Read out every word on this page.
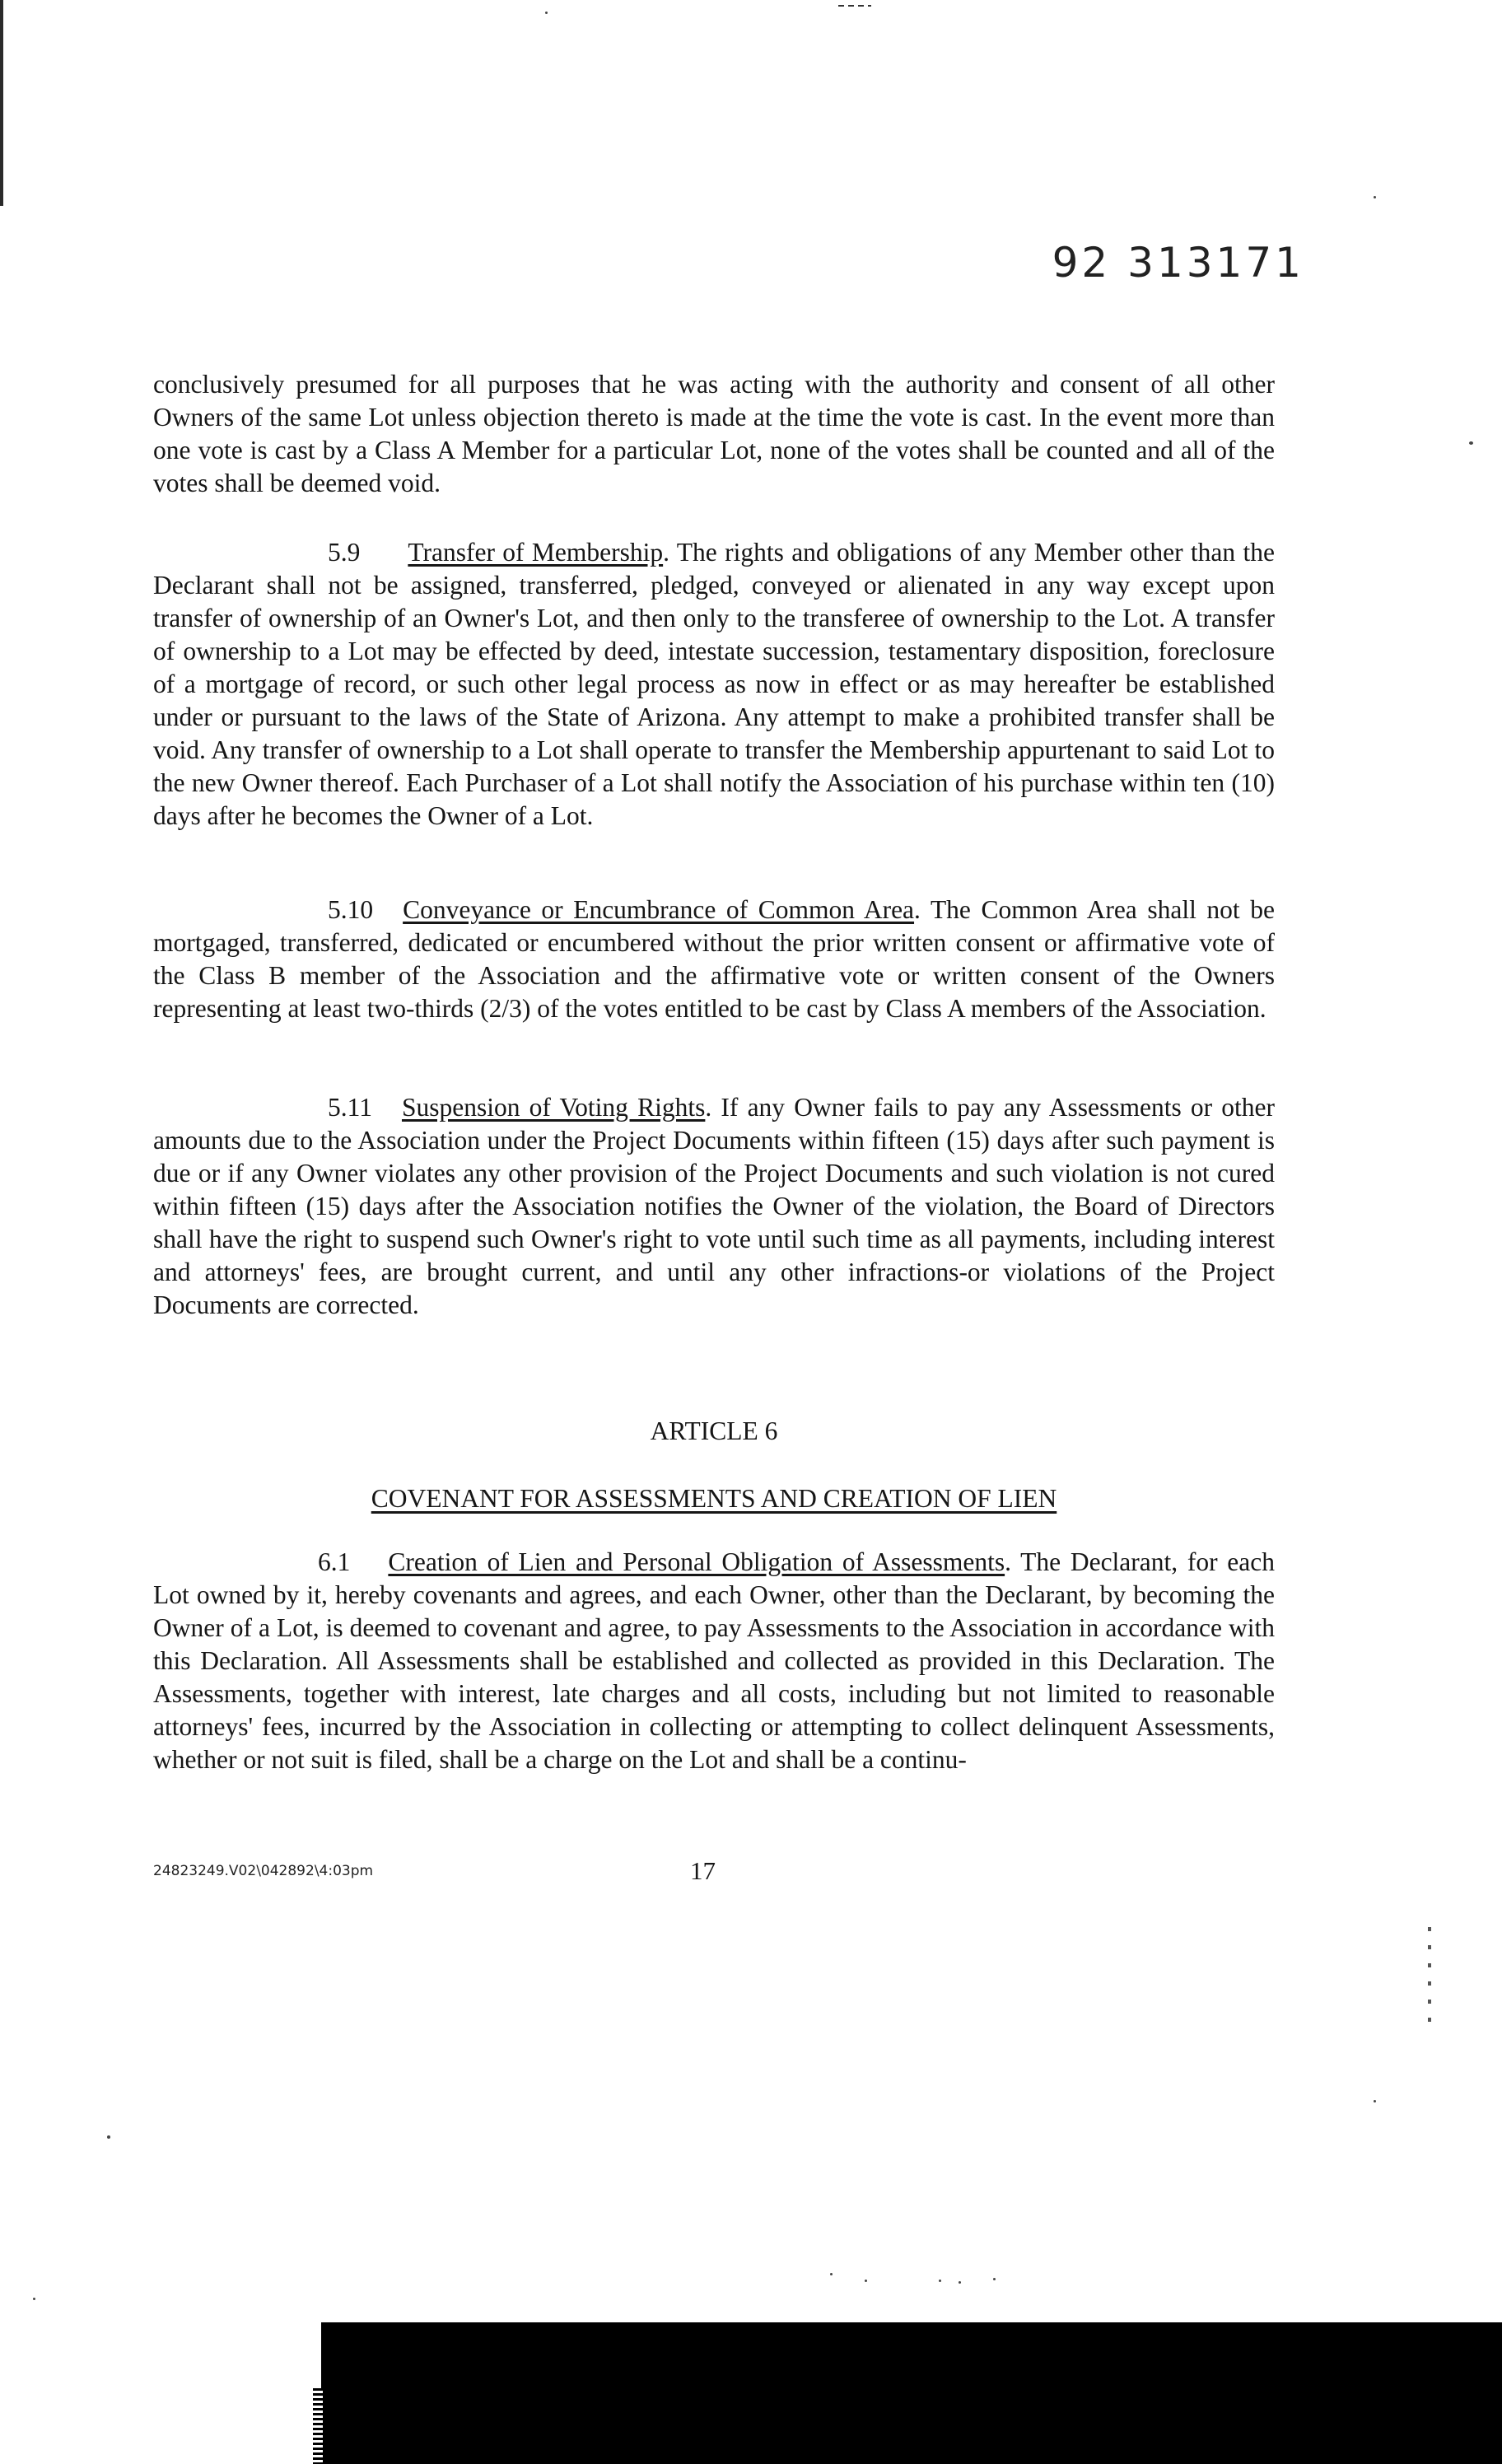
92 313171
conclusively presumed for all purposes that he was acting with the authority and consent of all other Owners of the same Lot unless objection thereto is made at the time the vote is cast. In the event more than one vote is cast by a Class A Member for a particular Lot, none of the votes shall be counted and all of the votes shall be deemed void.
5.9 Transfer of Membership. The rights and obligations of any Member other than the Declarant shall not be assigned, transferred, pledged, conveyed or alienated in any way except upon transfer of ownership of an Owner's Lot, and then only to the transferee of ownership to the Lot. A transfer of ownership to a Lot may be effected by deed, intestate succession, testamentary disposition, foreclosure of a mortgage of record, or such other legal process as now in effect or as may hereafter be established under or pursuant to the laws of the State of Arizona. Any attempt to make a prohibited transfer shall be void. Any transfer of ownership to a Lot shall operate to transfer the Membership appurtenant to said Lot to the new Owner thereof. Each Purchaser of a Lot shall notify the Association of his purchase within ten (10) days after he becomes the Owner of a Lot.
5.10 Conveyance or Encumbrance of Common Area. The Common Area shall not be mortgaged, transferred, dedicated or encumbered without the prior written consent or affirmative vote of the Class B member of the Association and the affirmative vote or written consent of the Owners representing at least two-thirds (2/3) of the votes entitled to be cast by Class A members of the Association.
5.11 Suspension of Voting Rights. If any Owner fails to pay any Assessments or other amounts due to the Association under the Project Documents within fifteen (15) days after such payment is due or if any Owner violates any other provision of the Project Documents and such violation is not cured within fifteen (15) days after the Association notifies the Owner of the violation, the Board of Directors shall have the right to suspend such Owner's right to vote until such time as all payments, including interest and attorneys' fees, are brought current, and until any other infractions-or violations of the Project Documents are corrected.
ARTICLE 6
COVENANT FOR ASSESSMENTS AND CREATION OF LIEN
6.1 Creation of Lien and Personal Obligation of Assessments. The Declarant, for each Lot owned by it, hereby covenants and agrees, and each Owner, other than the Declarant, by becoming the Owner of a Lot, is deemed to covenant and agree, to pay Assessments to the Association in accordance with this Declaration. All Assessments shall be established and collected as provided in this Declaration. The Assessments, together with interest, late charges and all costs, including but not limited to reasonable attorneys' fees, incurred by the Association in collecting or attempting to collect delinquent Assessments, whether or not suit is filed, shall be a charge on the Lot and shall be a continu-
24823249.V02\042892\4:03pm	17
